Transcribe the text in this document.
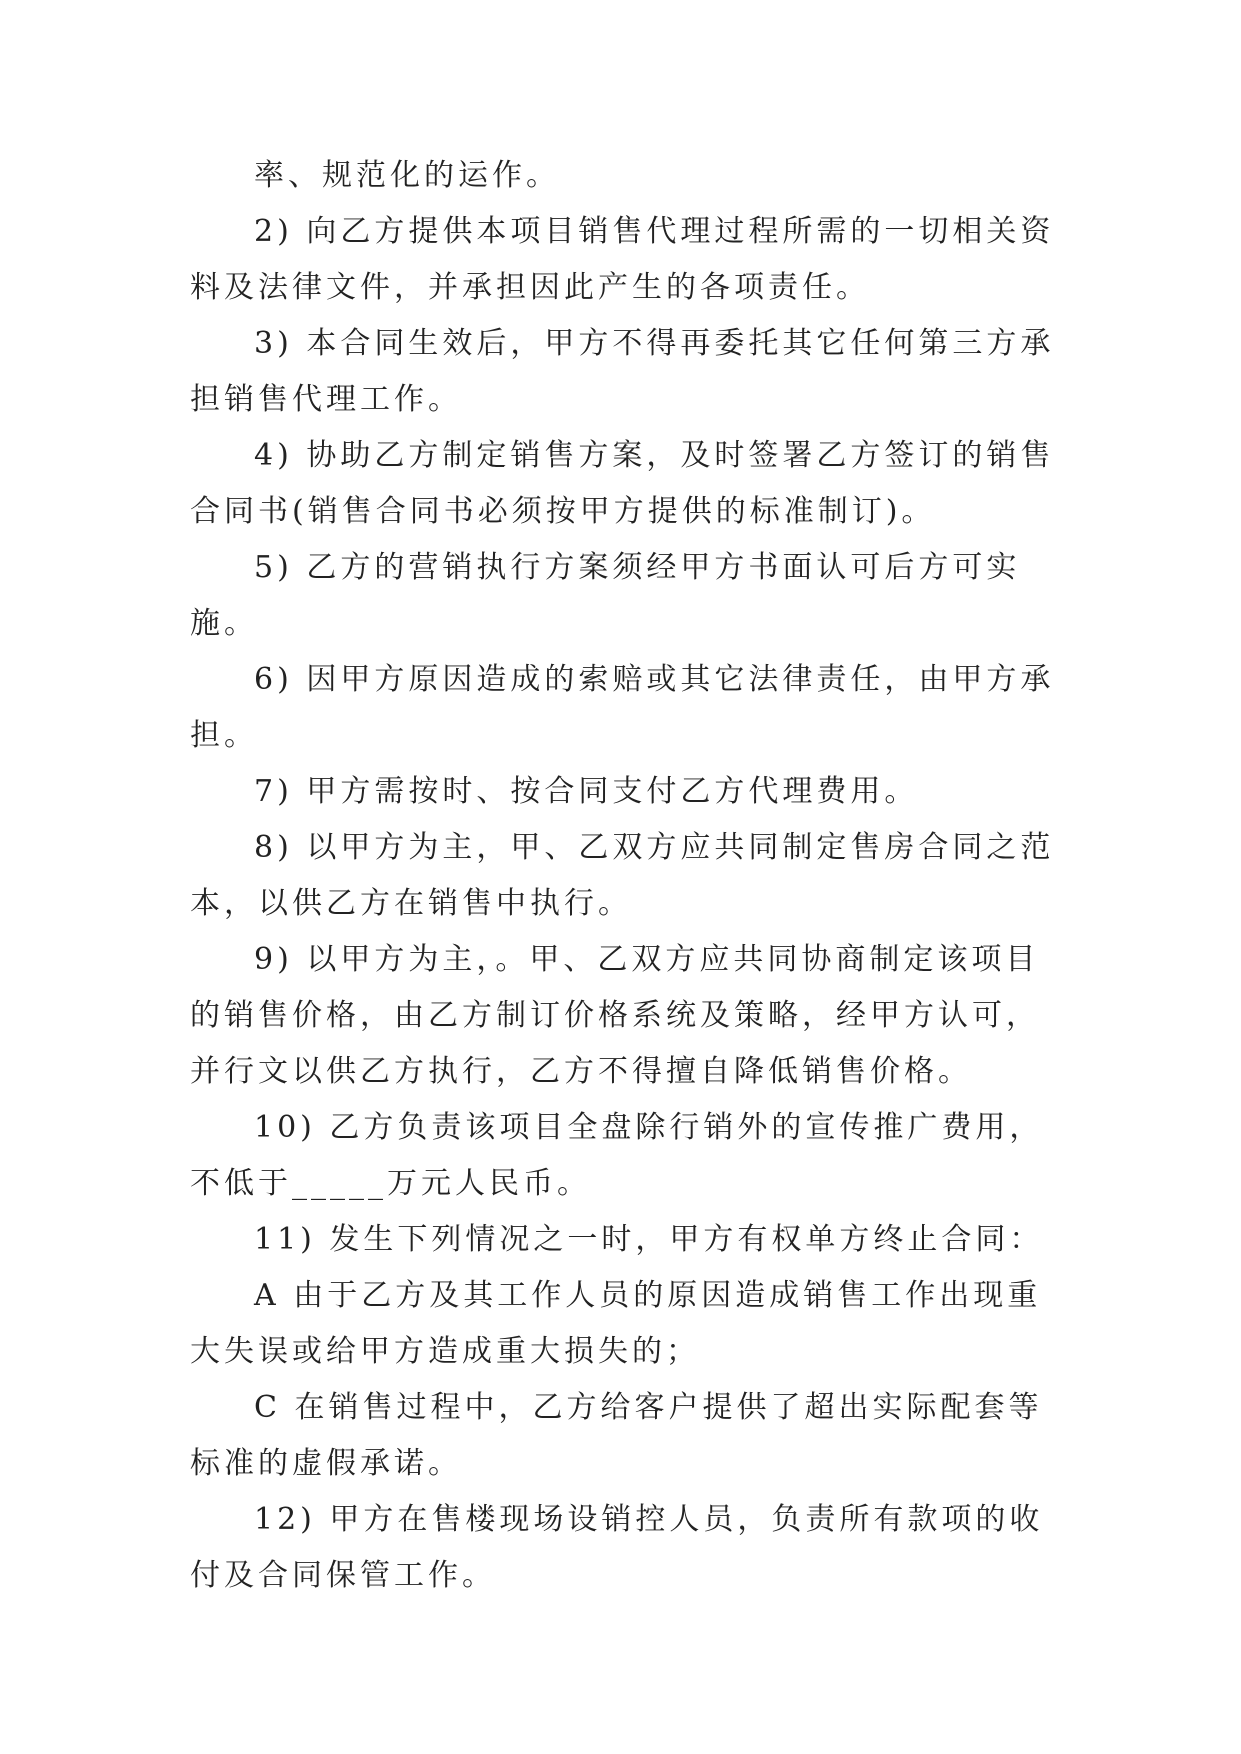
率、规范化的运作。

2) 向乙方提供本项目销售代理过程所需的一切相关资料及法律文件，并承担因此产生的各项责任。

3) 本合同生效后，甲方不得再委托其它任何第三方承担销售代理工作。

4) 协助乙方制定销售方案，及时签署乙方签订的销售合同书(销售合同书必须按甲方提供的标准制订)。

5) 乙方的营销执行方案须经甲方书面认可后方可实施。

6) 因甲方原因造成的索赔或其它法律责任，由甲方承担。

7) 甲方需按时、按合同支付乙方代理费用。

8) 以甲方为主，甲、乙双方应共同制定售房合同之范本，以供乙方在销售中执行。

9) 以甲方为主，。甲、乙双方应共同协商制定该项目的销售价格，由乙方制订价格系统及策略，经甲方认可，并行文以供乙方执行，乙方不得擅自降低销售价格。

10) 乙方负责该项目全盘除行销外的宣传推广费用，不低于_____万元人民币。

11) 发生下列情况之一时，甲方有权单方终止合同：

A 由于乙方及其工作人员的原因造成销售工作出现重大失误或给甲方造成重大损失的；

C 在销售过程中，乙方给客户提供了超出实际配套等标准的虚假承诺。

12) 甲方在售楼现场设销控人员，负责所有款项的收付及合同保管工作。
